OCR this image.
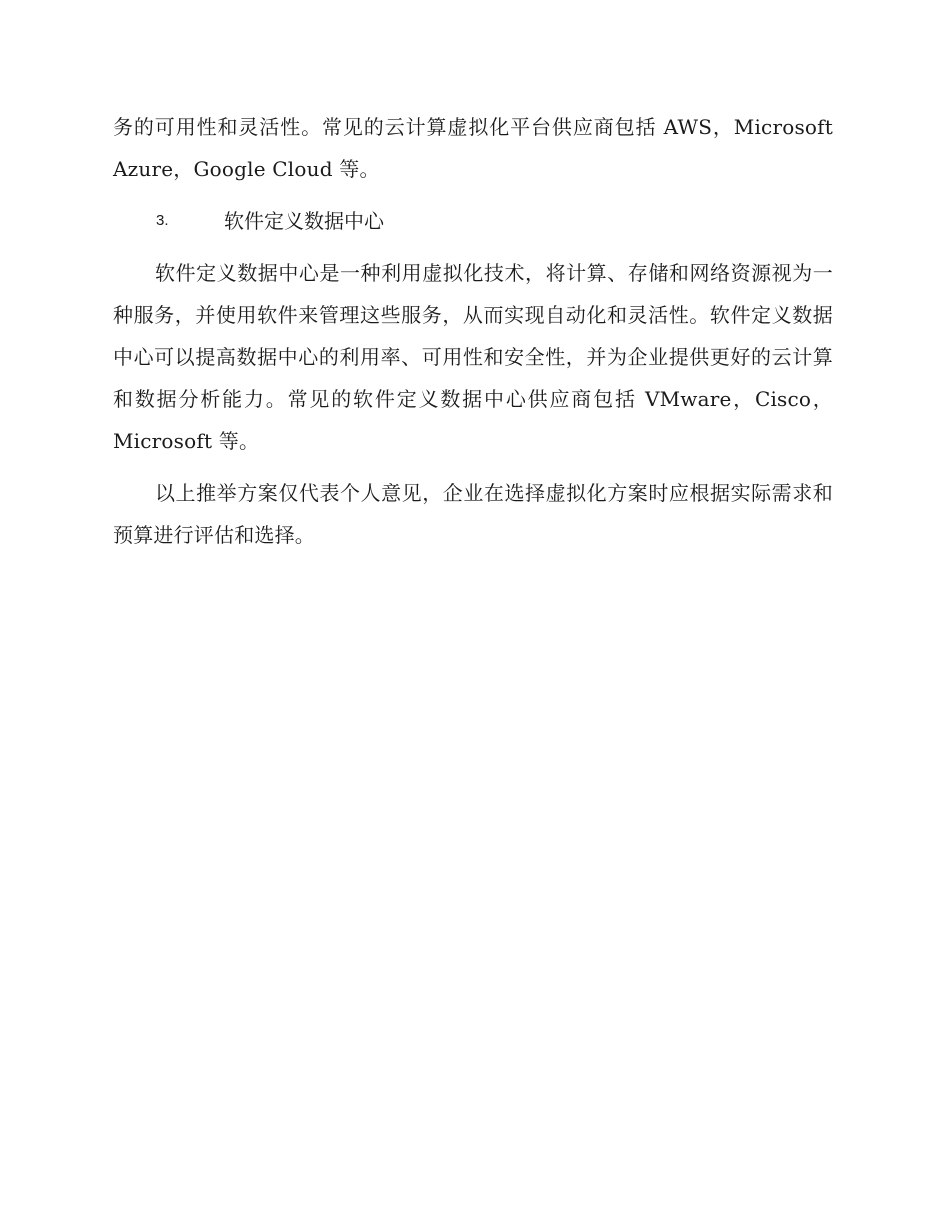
务的可用性和灵活性。常见的云计算虚拟化平台供应商包括 AWS，Microsoft Azure，Google Cloud 等。

3.	软件定义数据中心

软件定义数据中心是一种利用虚拟化技术，将计算、存储和网络资源视为一种服务，并使用软件来管理这些服务，从而实现自动化和灵活性。软件定义数据中心可以提高数据中心的利用率、可用性和安全性，并为企业提供更好的云计算和数据分析能力。常见的软件定义数据中心供应商包括 VMware，Cisco，Microsoft 等。

以上推举方案仅代表个人意见，企业在选择虚拟化方案时应根据实际需求和预算进行评估和选择。
